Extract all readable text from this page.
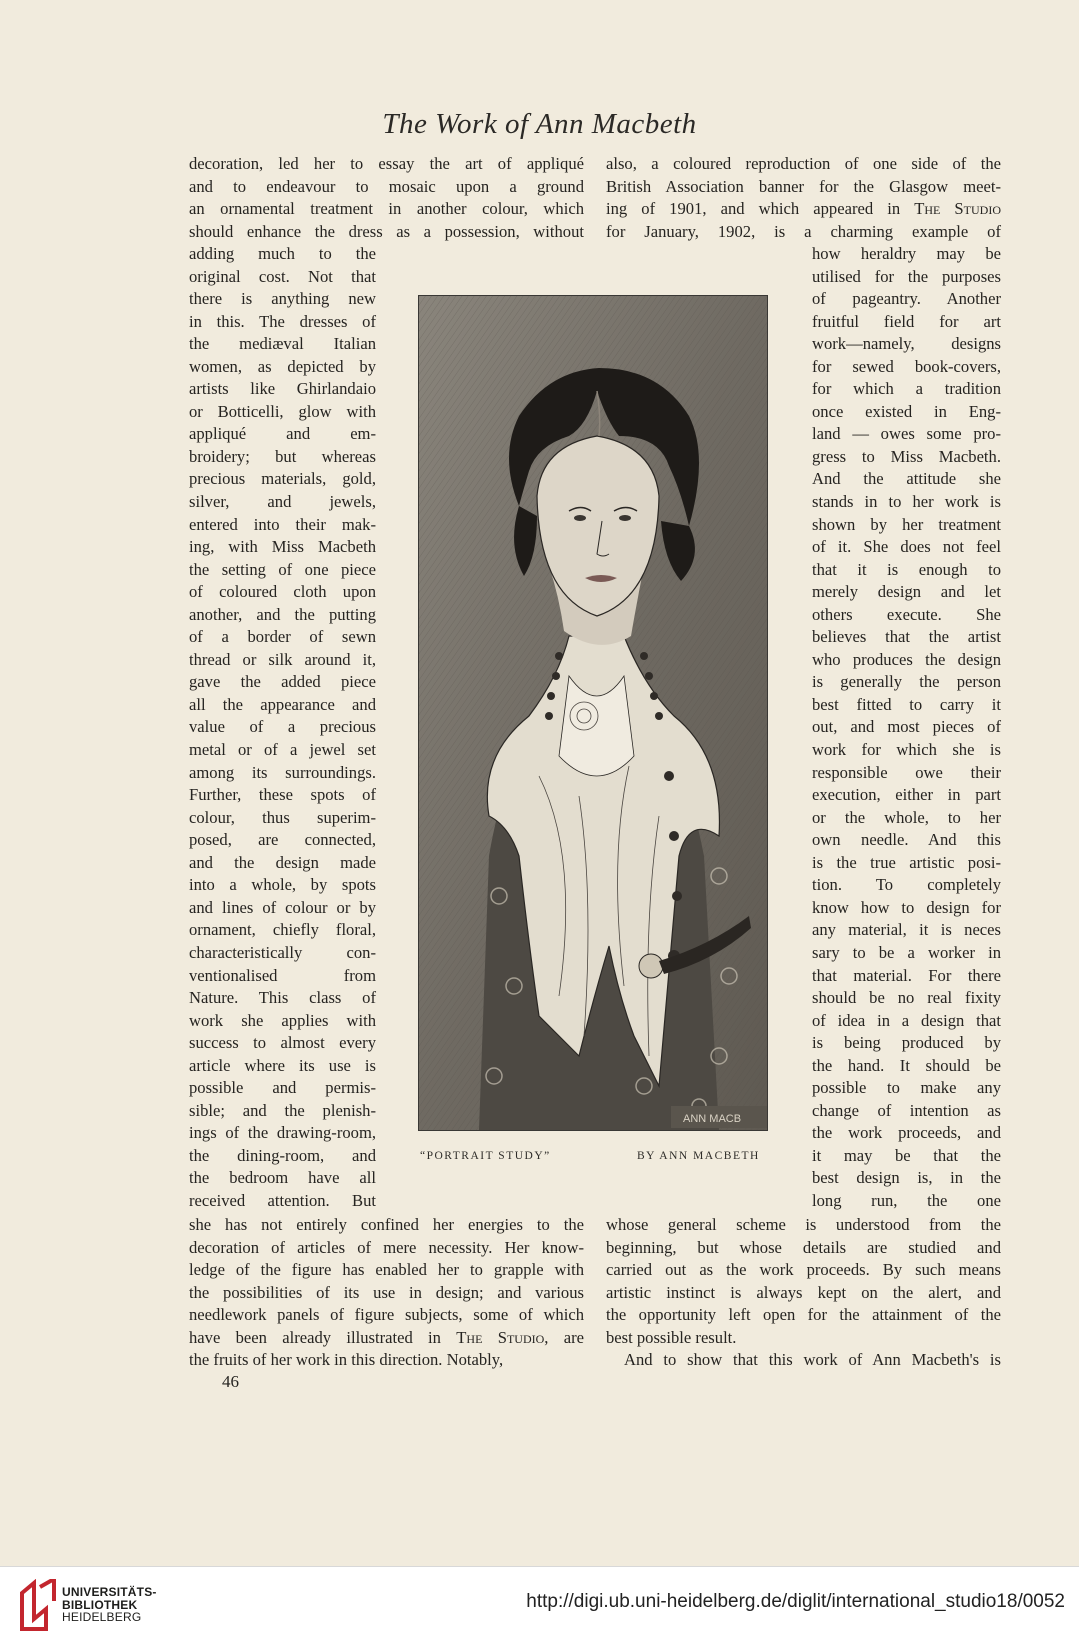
The Work of Ann Macbeth
decoration, led her to essay the art of appliqué
and to endeavour to mosaic upon a ground
an ornamental treatment in another colour, which
should enhance the dress as a possession, without
also, a coloured reproduction of one side of the
British Association banner for the Glasgow meet-
ing of 1901, and which appeared in The Studio
for January, 1902, is a charming example of
adding much to the
original cost. Not that
there is anything new
in this. The dresses of
the mediæval Italian
women, as depicted by
artists like Ghirlandaio
or Botticelli, glow with
appliqué and em-
broidery; but whereas
precious materials, gold,
silver, and jewels,
entered into their mak-
ing, with Miss Macbeth
the setting of one piece
of coloured cloth upon
another, and the putting
of a border of sewn
thread or silk around it,
gave the added piece
all the appearance and
value of a precious
metal or of a jewel set
among its surroundings.
Further, these spots of
colour, thus superim-
posed, are connected,
and the design made
into a whole, by spots
and lines of colour or by
ornament, chiefly floral,
characteristically con-
ventionalised from
Nature. This class of
work she applies with
success to almost every
article where its use is
possible and permis-
sible; and the plenish-
ings of the drawing-room,
the dining-room, and
the bedroom have all
received attention. But
how heraldry may be
utilised for the purposes
of pageantry. Another
fruitful field for art
work—namely, designs
for sewed book-covers,
for which a tradition
once existed in Eng-
land — owes some pro-
gress to Miss Macbeth.
And the attitude she
stands in to her work is
shown by her treatment
of it. She does not feel
that it is enough to
merely design and let
others execute. She
believes that the artist
who produces the design
is generally the person
best fitted to carry it
out, and most pieces of
work for which she is
responsible owe their
execution, either in part
or the whole, to her
own needle. And this
is the true artistic posi-
tion. To completely
know how to design for
any material, it is neces
sary to be a worker in
that material. For there
should be no real fixity
of idea in a design that
is being produced by
the hand. It should be
possible to make any
change of intention as
the work proceeds, and
it may be that the
best design is, in the
long run, the one
she has not entirely confined her energies to the
decoration of articles of mere necessity. Her know-
ledge of the figure has enabled her to grapple with
the possibilities of its use in design; and various
needlework panels of figure subjects, some of which
have been already illustrated in The Studio, are
the fruits of her work in this direction. Notably,
whose general scheme is understood from the
beginning, but whose details are studied and
carried out as the work proceeds. By such means
artistic instinct is always kept on the alert, and
the opportunity left open for the attainment of the
best possible result.
And to show that this work of Ann Macbeth's is
ANN MACB
“PORTRAIT STUDY”	BY ANN MACBETH
46
UNIVERSITÄTS-
BIBLIOTHEK
HEIDELBERG
http://digi.ub.uni-heidelberg.de/diglit/international_studio18/0052
